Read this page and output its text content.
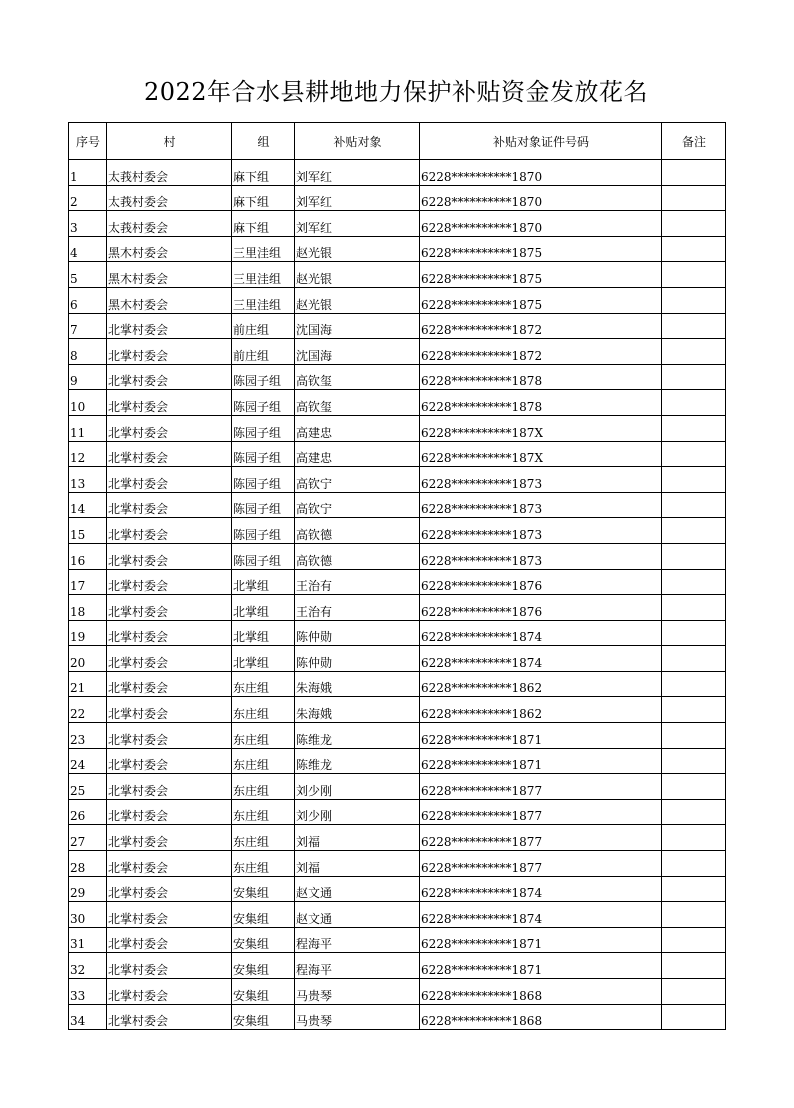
2022年合水县耕地地力保护补贴资金发放花名
序号	村	组	补贴对象	补贴对象证件号码	备注
1	太莪村委会	麻下组	刘军红	6228**********1870	
2	太莪村委会	麻下组	刘军红	6228**********1870	
3	太莪村委会	麻下组	刘军红	6228**********1870	
4	黑木村委会	三里洼组	赵光银	6228**********1875	
5	黑木村委会	三里洼组	赵光银	6228**********1875	
6	黑木村委会	三里洼组	赵光银	6228**********1875	
7	北掌村委会	前庄组	沈国海	6228**********1872	
8	北掌村委会	前庄组	沈国海	6228**********1872	
9	北掌村委会	陈园子组	高钦玺	6228**********1878	
10	北掌村委会	陈园子组	高钦玺	6228**********1878	
11	北掌村委会	陈园子组	高建忠	6228**********187X	
12	北掌村委会	陈园子组	高建忠	6228**********187X	
13	北掌村委会	陈园子组	高钦宁	6228**********1873	
14	北掌村委会	陈园子组	高钦宁	6228**********1873	
15	北掌村委会	陈园子组	高钦德	6228**********1873	
16	北掌村委会	陈园子组	高钦德	6228**********1873	
17	北掌村委会	北掌组	王治有	6228**********1876	
18	北掌村委会	北掌组	王治有	6228**********1876	
19	北掌村委会	北掌组	陈仲勋	6228**********1874	
20	北掌村委会	北掌组	陈仲勋	6228**********1874	
21	北掌村委会	东庄组	朱海娥	6228**********1862	
22	北掌村委会	东庄组	朱海娥	6228**********1862	
23	北掌村委会	东庄组	陈维龙	6228**********1871	
24	北掌村委会	东庄组	陈维龙	6228**********1871	
25	北掌村委会	东庄组	刘少刚	6228**********1877	
26	北掌村委会	东庄组	刘少刚	6228**********1877	
27	北掌村委会	东庄组	刘福	6228**********1877	
28	北掌村委会	东庄组	刘福	6228**********1877	
29	北掌村委会	安集组	赵文通	6228**********1874	
30	北掌村委会	安集组	赵文通	6228**********1874	
31	北掌村委会	安集组	程海平	6228**********1871	
32	北掌村委会	安集组	程海平	6228**********1871	
33	北掌村委会	安集组	马贵琴	6228**********1868	
34	北掌村委会	安集组	马贵琴	6228**********1868	
